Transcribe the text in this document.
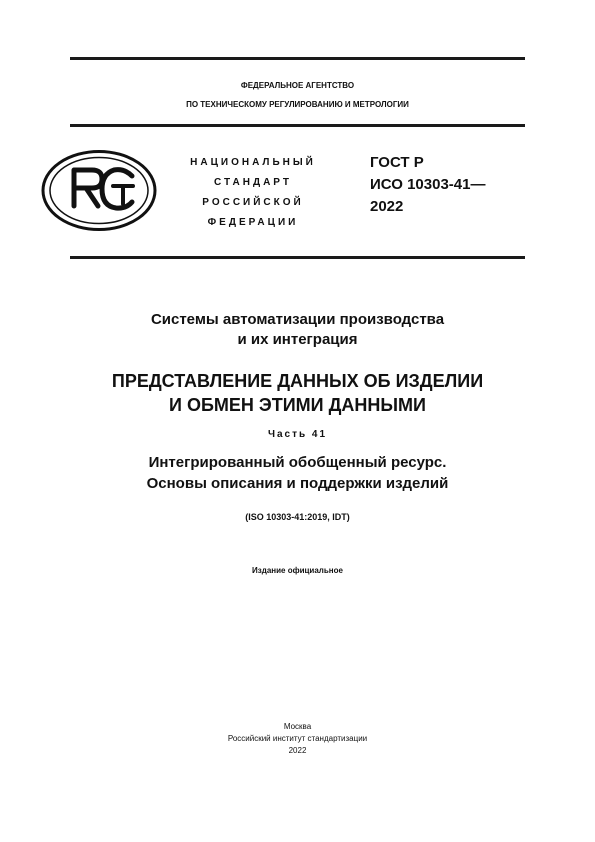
ФЕДЕРАЛЬНОЕ АГЕНТСТВО
ПО ТЕХНИЧЕСКОМУ РЕГУЛИРОВАНИЮ И МЕТРОЛОГИИ
НАЦИОНАЛЬНЫЙ
СТАНДАРТ
РОССИЙСКОЙ
ФЕДЕРАЦИИ
ГОСТ Р
ИСО 10303-41—
2022
Системы автоматизации производства
и их интеграция
ПРЕДСТАВЛЕНИЕ ДАННЫХ ОБ ИЗДЕЛИИ
И ОБМЕН ЭТИМИ ДАННЫМИ
Часть 41
Интегрированный обобщенный ресурс.
Основы описания и поддержки изделий
(ISO 10303-41:2019, IDT)
Издание официальное
Москва
Российский институт стандартизации
2022
